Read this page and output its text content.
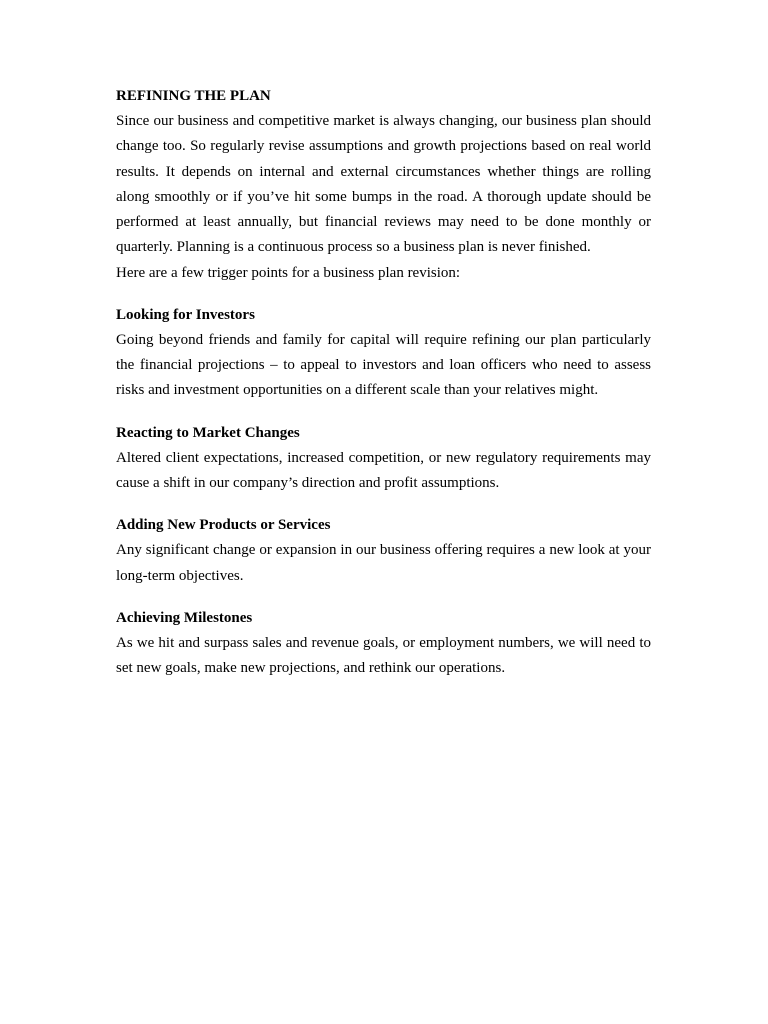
REFINING THE PLAN

Since our business and competitive market is always changing, our business plan should change too. So regularly revise assumptions and growth projections based on real world results. It depends on internal and external circumstances whether things are rolling along smoothly or if you’ve hit some bumps in the road. A thorough update should be performed at least annually, but financial reviews may need to be done monthly or quarterly. Planning is a continuous process so a business plan is never finished.

Here are a few trigger points for a business plan revision:

Looking for Investors

Going beyond friends and family for capital will require refining our plan particularly the financial projections – to appeal to investors and loan officers who need to assess risks and investment opportunities on a different scale than your relatives might.

Reacting to Market Changes

Altered client expectations, increased competition, or new regulatory requirements may cause a shift in our company’s direction and profit assumptions.

Adding New Products or Services

Any significant change or expansion in our business offering requires a new look at your long-term objectives.

Achieving Milestones

As we hit and surpass sales and revenue goals, or employment numbers, we will need to set new goals, make new projections, and rethink our operations.
